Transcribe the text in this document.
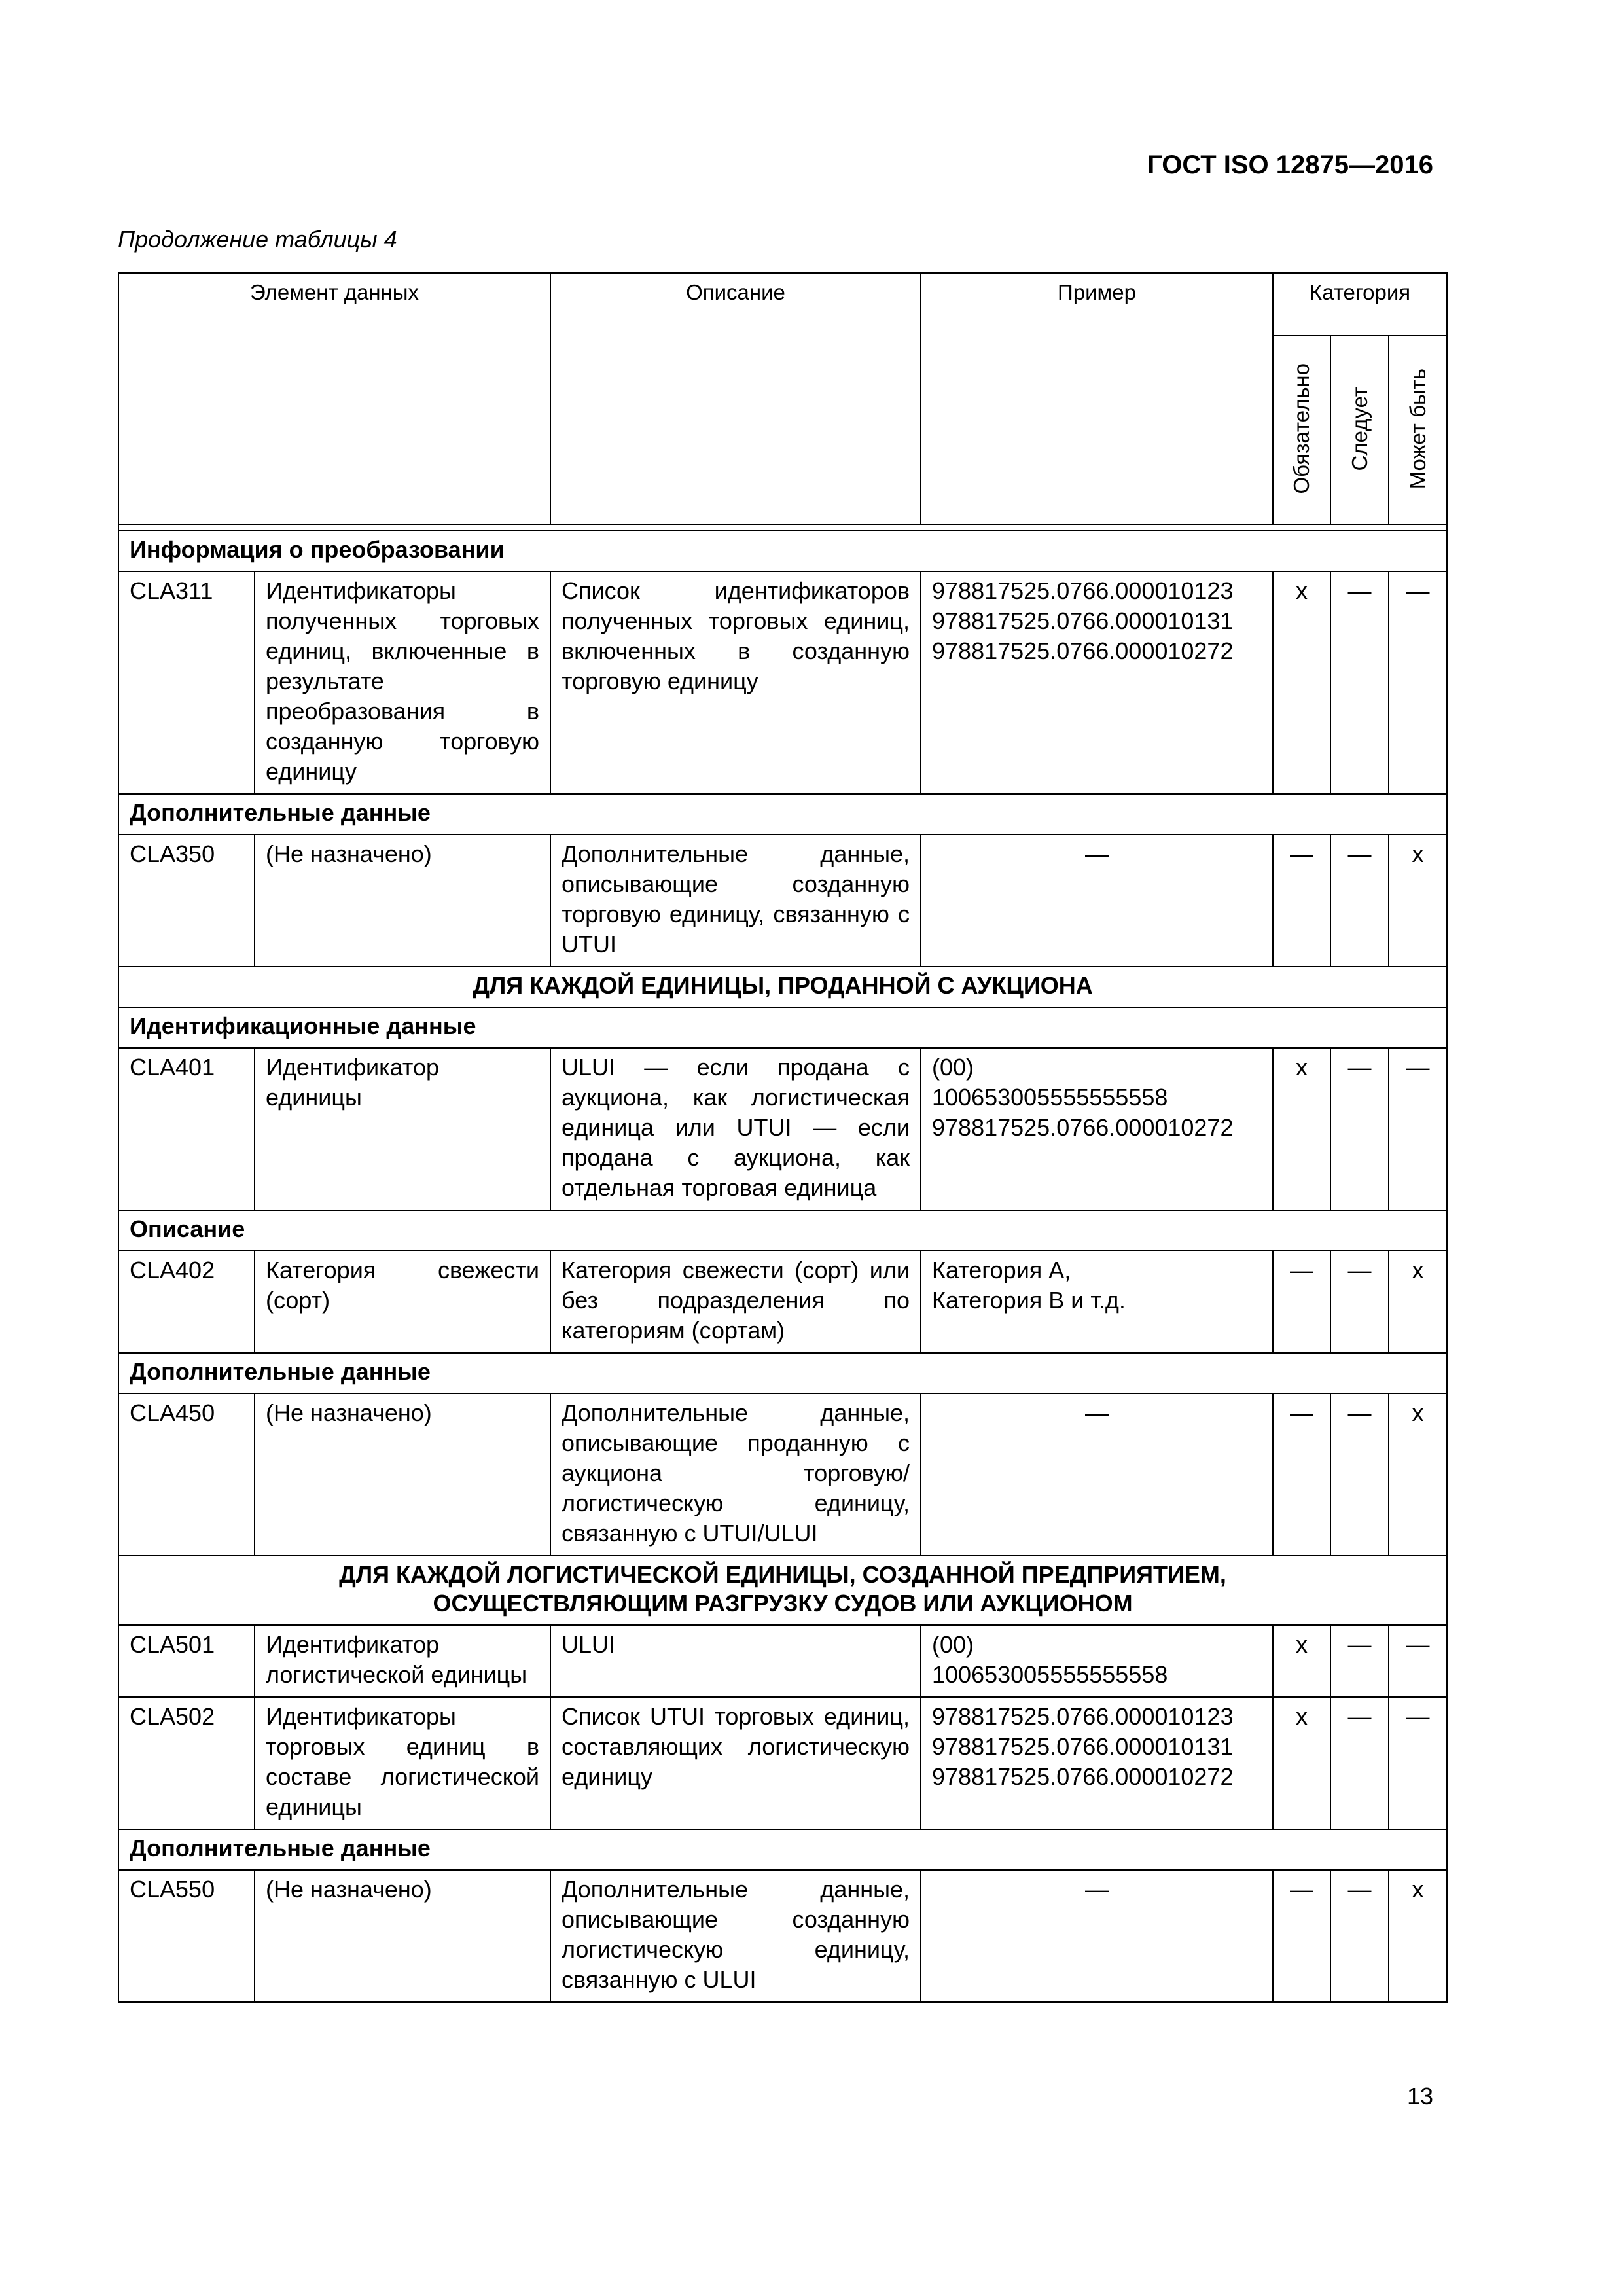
ГОСТ ISO 12875—2016
Продолжение таблицы 4
Элемент данных		Описание	Пример	Категория		

				Обязательно	Следует	Может быть

Информация о преобразовании						
CLA311	Идентификаторы полученных торговых единиц, включенные в результате преобразования в созданную торговую единицу	Список идентификаторов полученных торговых единиц, включенных в созданную торговую единицу	978817525.0766.000010123
978817525.0766.000010131
978817525.0766.000010272	x	—	—
Дополнительные данные						
CLA350	(Не назначено)	Дополнительные данные, описывающие созданную торговую единицу, связанную с UTUI	—	—	—	x
ДЛЯ КАЖДОЙ ЕДИНИЦЫ, ПРОДАННОЙ С АУКЦИОНА						
Идентификационные данные						
CLA401	Идентификатор единицы	ULUI — если продана с аукциона, как логистическая единица или UTUI — если продана с аукциона, как отдельная торговая единица	(00)
100653005555555558
978817525.0766.000010272	x	—	—
Описание						
CLA402	Категория свежести (сорт)	Категория свежести (сорт) или без подразделения по категориям (сортам)	Категория А,
Категория В и т.д.	—	—	x
Дополнительные данные						
CLA450	(Не назначено)	Дополнительные данные, описывающие проданную с аукциона торговую/логистическую единицу, связанную с UTUI/ULUI	—	—	—	x

ДЛЯ КАЖДОЙ ЛОГИСТИЧЕСКОЙ ЕДИНИЦЫ, СОЗДАННОЙ ПРЕДПРИЯТИЕМ,
ОСУЩЕСТВЛЯЮЩИМ РАЗГРУЗКУ СУДОВ ИЛИ АУКЦИОНОМ						

CLA501	Идентификатор логистической единицы	ULUI	(00)
100653005555555558	x	—	—
CLA502	Идентификаторы торговых единиц в составе логистической единицы	Список UTUI торговых единиц, составляющих логистическую единицу	978817525.0766.000010123
978817525.0766.000010131
978817525.0766.000010272	x	—	—
Дополнительные данные						
CLA550	(Не назначено)	Дополнительные данные, описывающие созданную логистическую единицу, связанную с ULUI	—	—	—	x
13
